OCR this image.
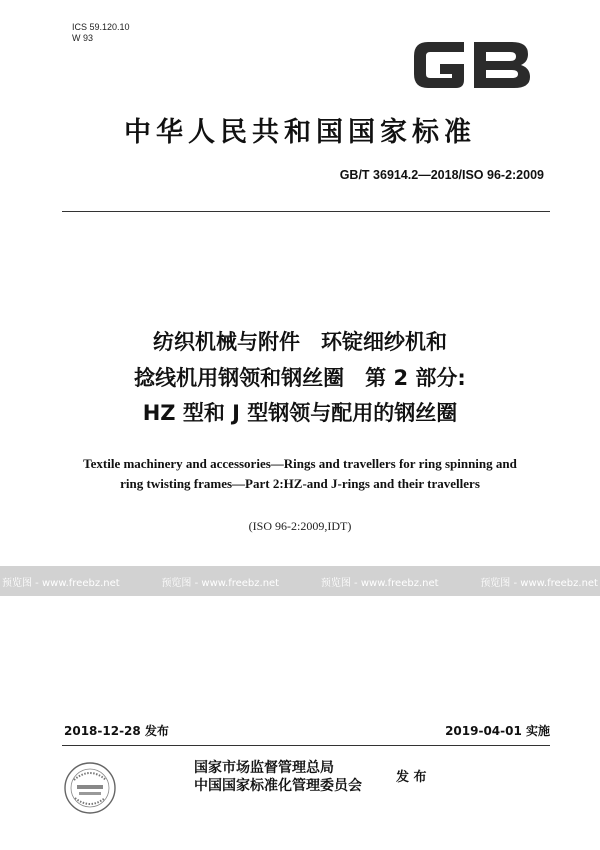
ICS 59.120.10
W 93
中华人民共和国国家标准
GB/T 36914.2—2018/ISO 96-2:2009
纺织机械与附件　环锭细纱机和
捻线机用钢领和钢丝圈　第 2 部分:
HZ 型和 J 型钢领与配用的钢丝圈
Textile machinery and accessories—Rings and travellers for ring spinning and
ring twisting frames—Part 2:HZ-and J-rings and their travellers
(ISO 96-2:2009,IDT)
预览图 - www.freebz.net	预览图 - www.freebz.net	预览图 - www.freebz.net	预览图 - www.freebz.net
2018-12-28 发布	2019-04-01 实施
国家市场监督管理总局
中国国家标准化管理委员会
发 布
